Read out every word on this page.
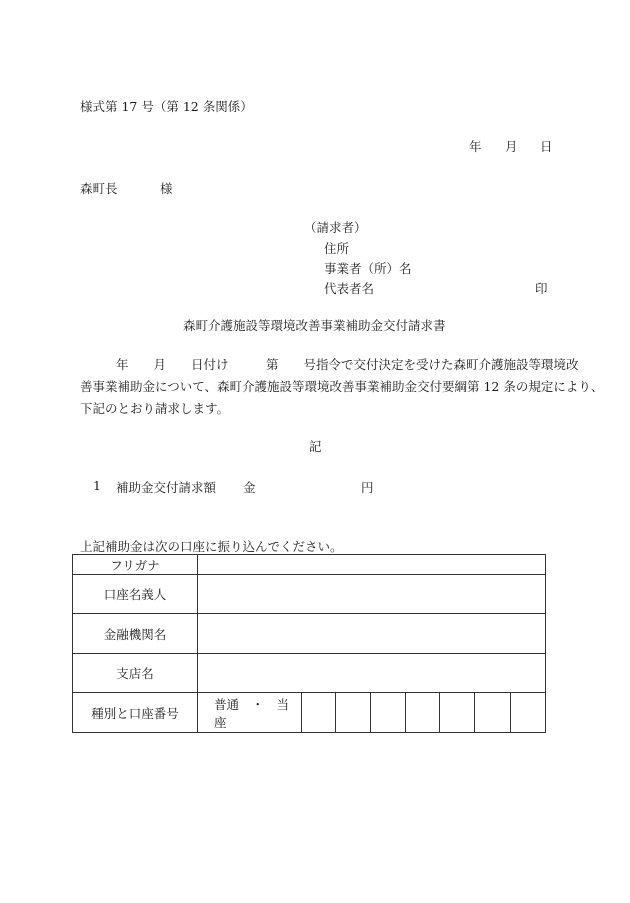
様式第 17 号（第 12 条関係）
年 月 日
森町長	様
（請求者）
住所
事業者（所）名
代表者名	印
森町介護施設等環境改善事業補助金交付請求書
年　　月　　日付け　　　第　　号指令で交付決定を受けた森町介護施設等環境改
善事業補助金について、森町介護施設等環境改善事業補助金交付要綱第 12 条の規定により、
下記のとおり請求します。
記
1 補助金交付請求額 金	円
上記補助金は次の口座に振り込んでください。
フリガナ								
口座名義人								
金融機関名								
支店名								
種別と口座番号	普通　・　当座							
